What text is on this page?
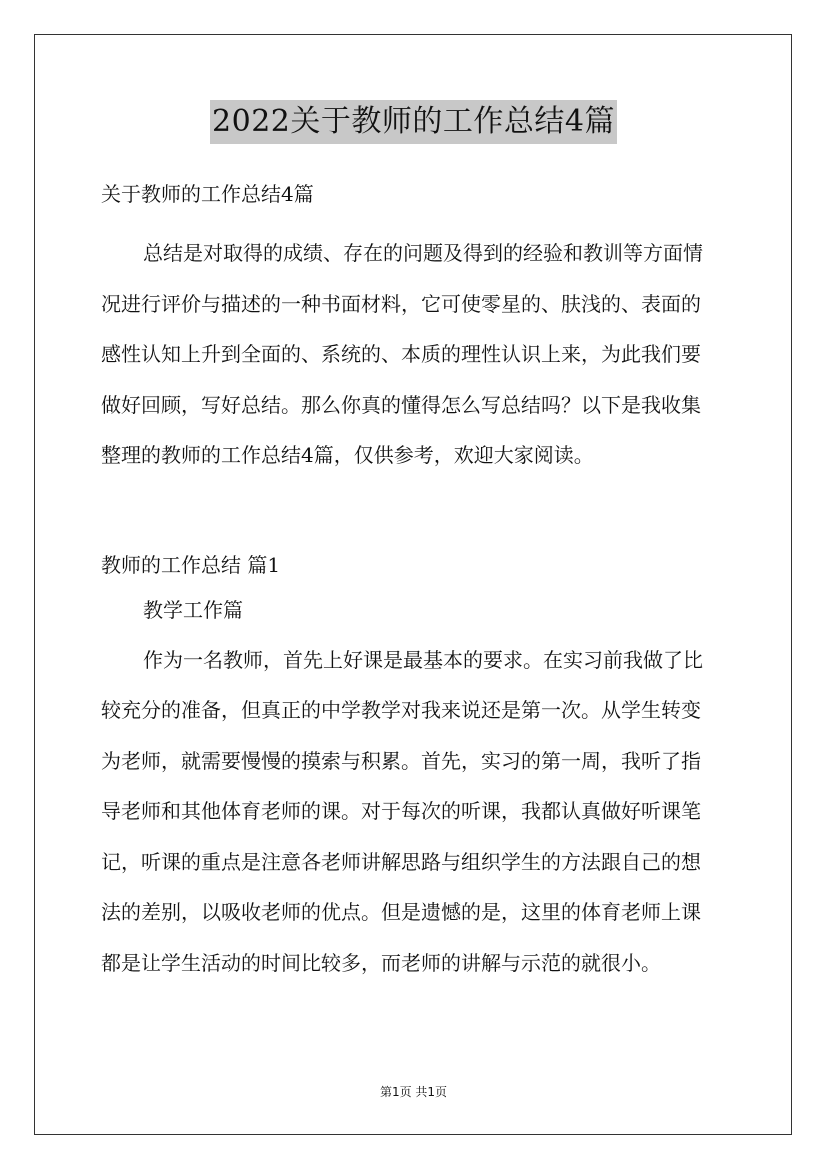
2022关于教师的工作总结4篇
关于教师的工作总结4篇
总结是对取得的成绩、存在的问题及得到的经验和教训等方面情
况进行评价与描述的一种书面材料，它可使零星的、肤浅的、表面的
感性认知上升到全面的、系统的、本质的理性认识上来，为此我们要
做好回顾，写好总结。那么你真的懂得怎么写总结吗？以下是我收集
整理的教师的工作总结4篇，仅供参考，欢迎大家阅读。
教师的工作总结 篇1
教学工作篇
作为一名教师，首先上好课是最基本的要求。在实习前我做了比
较充分的准备，但真正的中学教学对我来说还是第一次。从学生转变
为老师，就需要慢慢的摸索与积累。首先，实习的第一周，我听了指
导老师和其他体育老师的课。对于每次的听课，我都认真做好听课笔
记，听课的重点是注意各老师讲解思路与组织学生的方法跟自己的想
法的差别，以吸收老师的优点。但是遗憾的是，这里的体育老师上课
都是让学生活动的时间比较多，而老师的讲解与示范的就很小。
第1页 共1页
